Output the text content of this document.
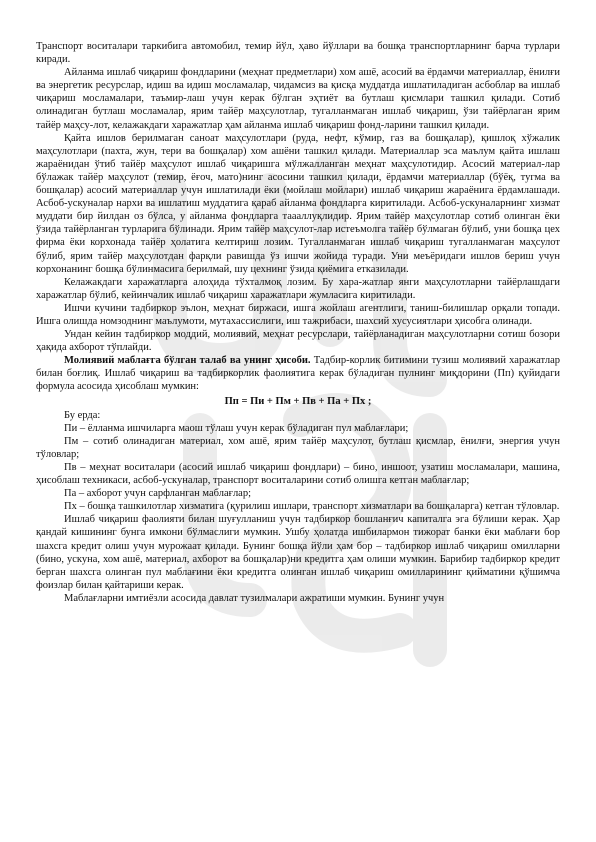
Транспорт воситалари таркибига автомобил, темир йўл, ҳаво йўллари ва бошқа транспортларнинг барча турлари киради.

Айланма ишлаб чиқариш фондларини (меҳнат предметлари) хом ашё, асосий ва ёрдамчи материаллар, ёнилғи ва энергетик ресурслар, идиш ва идиш мосламалар, чидамсиз ва қисқа муддатда ишлатиладиган асбоблар ва ишлаб чиқариш мосламалари, таъмир-лаш учун керак бўлган эҳтиёт ва бутлаш қисмлари ташкил қилади. Сотиб олинадиган бутлаш мосламалар, ярим тайёр маҳсулотлар, тугалланмаган ишлаб чиқариш, ўзи тайёрлаган ярим тайёр маҳсу-лот, келажакдаги харажатлар ҳам айланма ишлаб чиқариш фонд-ларини ташкил қилади.

Қайта ишлов берилмаган саноат маҳсулотлари (руда, нефт, кўмир, газ ва бошқалар), қишлоқ хўжалик маҳсулотлари (пахта, жун, тери ва бошқалар) хом ашёни ташкил қилади. Материаллар эса маълум қайта ишлаш жараёнидан ўтиб тайёр маҳсулот ишлаб чиқаришга мўлжалланган меҳнат маҳсулотидир. Асосий материал-лар бўлажак тайёр маҳсулот (темир, ёғоч, мато)нинг асосини ташкил қилади, ёрдамчи материаллар (бўёқ, тугма ва бошқалар) асосий материаллар учун ишлатилади ёки (мойлаш мойлари) ишлаб чиқариш жараёнига ёрдамлашади. Асбоб-ускуналар нархи ва ишлатиш муддатига қараб айланма фондларга киритилади. Асбоб-ускуналарнинг хизмат муддати бир йилдан оз бўлса, у айланма фондларга таааллуқлидир. Ярим тайёр маҳсулотлар сотиб олинган ёки ўзида тайёрланган турларига бўлинади. Ярим тайёр маҳсулот-лар истеъмолга тайёр бўлмаган бўлиб, уни бошқа цех фирма ёки корхонада тайёр ҳолатига келтириш лозим. Тугалланмаган ишлаб чиқариш тугалланмаган маҳсулот бўлиб, ярим тайёр маҳсулотдан фарқли равишда ўз ишчи жойида туради. Уни меъёридаги ишлов бериш учун корхонанинг бошқа бўлинмасига берилмай, шу цехнинг ўзида қиёмига етказилади.

Келажакдаги харажатларга алоҳида тўхталмоқ лозим. Бу хара-жатлар янги маҳсулотларни тайёрлашдаги харажатлар бўлиб, кейинчалик ишлаб чиқариш харажатлари жумласига киритилади.

Ишчи кучини тадбиркор эълон, меҳнат биржаси, ишга жойлаш агентлиги, таниш-билишлар орқали топади. Ишга олишда номзоднинг маълумоти, мутахассислиги, иш тажрибаси, шахсий хусусиятлари ҳисобга олинади.

Ундан кейин тадбиркор моддий, молиявий, меҳнат ресурслари, тайёрланадиган маҳсулотларни сотиш бозори ҳақида ахборот тўплайди.

Молиявий маблағга бўлган талаб ва унинг ҳисоби. Тадбир-корлик битимини тузиш молиявий харажатлар билан боғлиқ. Ишлаб чиқариш ва тадбиркорлик фаолиятига керак бўладиган пулнинг миқдорини (Пп) қуйидаги формула асосида ҳисоблаш мумкин:

Пп = Пи + Пм + Пв + Па + Пх ;

Бу ерда:

Пи – ёлланма ишчиларга маош тўлаш учун керак бўладиган пул маблағлари;

Пм – сотиб олинадиган материал, хом ашё, ярим тайёр маҳсулот, бутлаш қисмлар, ёнилғи, энергия учун тўловлар;

Пв – меҳнат воситалари (асосий ишлаб чиқариш фондлари) – бино, иншоот, узатиш мосламалари, машина, ҳисоблаш техникаси, асбоб-ускуналар, транспорт воситаларини сотиб олишга кетган маблағлар;

Па – ахборот учун сарфланган маблағлар;

Пх – бошқа ташкилотлар хизматига (қурилиш ишлари, транспорт хизматлари ва бошқаларга) кетган тўловлар.

Ишлаб чиқариш фаолияти билан шуғулланиш учун тадбиркор бошланғич капиталга эга бўлиши керак. Ҳар қандай кишининг бунга имкони бўлмаслиги мумкин. Ушбу ҳолатда ишбилармон тижорат банки ёки маблағи бор шахсга кредит олиш учун мурожаат қилади. Бунинг бошқа йўли ҳам бор – тадбиркор ишлаб чиқариш омилларни (бино, ускуна, хом ашё, материал, ахборот ва бошқалар)ни кредитга ҳам олиши мумкин. Барибир тадбиркор кредит берган шахсга олинган пул маблағини ёки кредитга олинган ишлаб чиқариш омилларининг қийматини қўшимча фоизлар билан қайтариши керак.

Маблағларни имтиёзли асосида давлат тузилмалари ажратиши мумкин. Бунинг учун
